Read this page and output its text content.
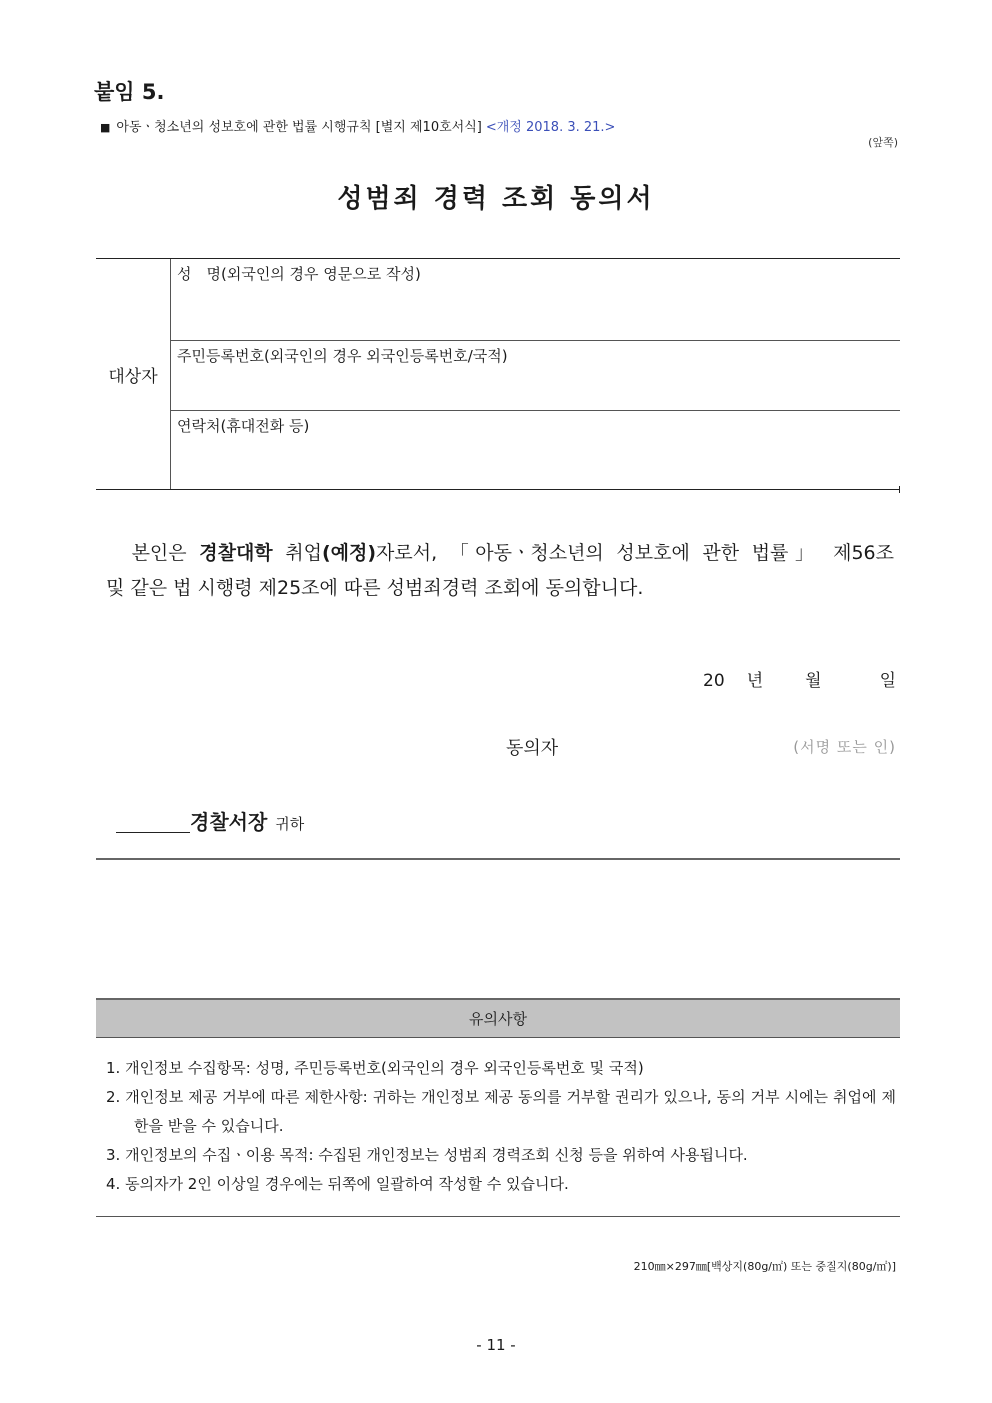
붙임 5.
■ 아동ㆍ청소년의 성보호에 관한 법률 시행규칙 [별지 제10호서식] <개정 2018. 3. 21.>
(앞쪽)
성범죄 경력 조회 동의서
대상자
성　명(외국인의 경우 영문으로 작성)
주민등록번호(외국인의 경우 외국인등록번호/국적)
연락처(휴대전화 등)

　본인은 경찰대학 취업(예정)자로서, 「아동ㆍ청소년의 성보호에 관한 법률」 제56조

및 같은 법 시행령 제25조에 따른 성범죄경력 조회에 동의합니다.

20 년 월	일
동의자	(서명 또는 인)
경찰서장 귀하
유의사항
1. 개인정보 수집항목: 성명, 주민등록번호(외국인의 경우 외국인등록번호 및 국적)
2. 개인정보 제공 거부에 따른 제한사항: 귀하는 개인정보 제공 동의를 거부할 권리가 있으나, 동의 거부 시에는 취업에 제한을 받을 수 있습니다.
3. 개인정보의 수집ㆍ이용 목적: 수집된 개인정보는 성범죄 경력조회 신청 등을 위하여 사용됩니다.
4. 동의자가 2인 이상일 경우에는 뒤쪽에 일괄하여 작성할 수 있습니다.
210㎜×297㎜[백상지(80g/㎡) 또는 중질지(80g/㎡)]
- 11 -
